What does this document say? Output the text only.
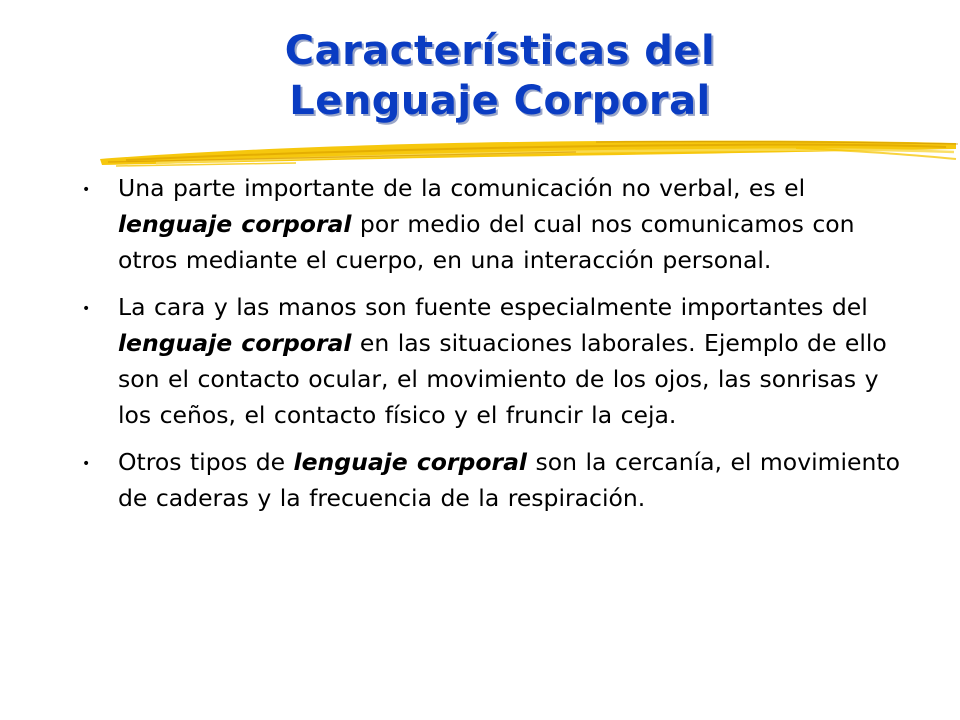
Características del
Lenguaje Corporal
• Una parte importante de la comunicación no verbal, es el lenguaje corporal por medio del cual nos comunicamos con otros mediante el cuerpo, en una interacción personal.
• La cara y las manos son fuente especialmente importantes del lenguaje corporal en las situaciones laborales. Ejemplo de ello son el contacto ocular, el movimiento de los ojos, las sonrisas y los ceños, el contacto físico y el fruncir la ceja.
• Otros tipos de lenguaje corporal son la cercanía, el movimiento de caderas y la frecuencia de la respiración.
